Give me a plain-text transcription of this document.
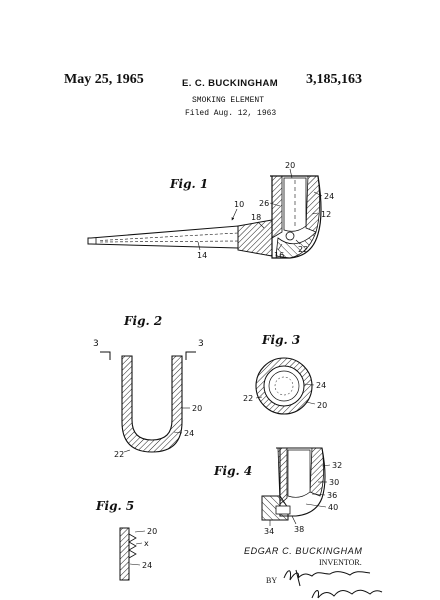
May 25, 1965	E. C. BUCKINGHAM 3,185,163
SMOKING ELEMENT
Filed Aug. 12, 1963
Fig. 1
20
24
12
26
10
18
14	16
22
Fig. 2
3	3
20
24
22
Fig. 3
24
22
20
Fig. 4	32
30
36
40
34 38
Fig. 5
20
x
24
EDGAR C. BUCKINGHAM
INVENTOR.
BY
